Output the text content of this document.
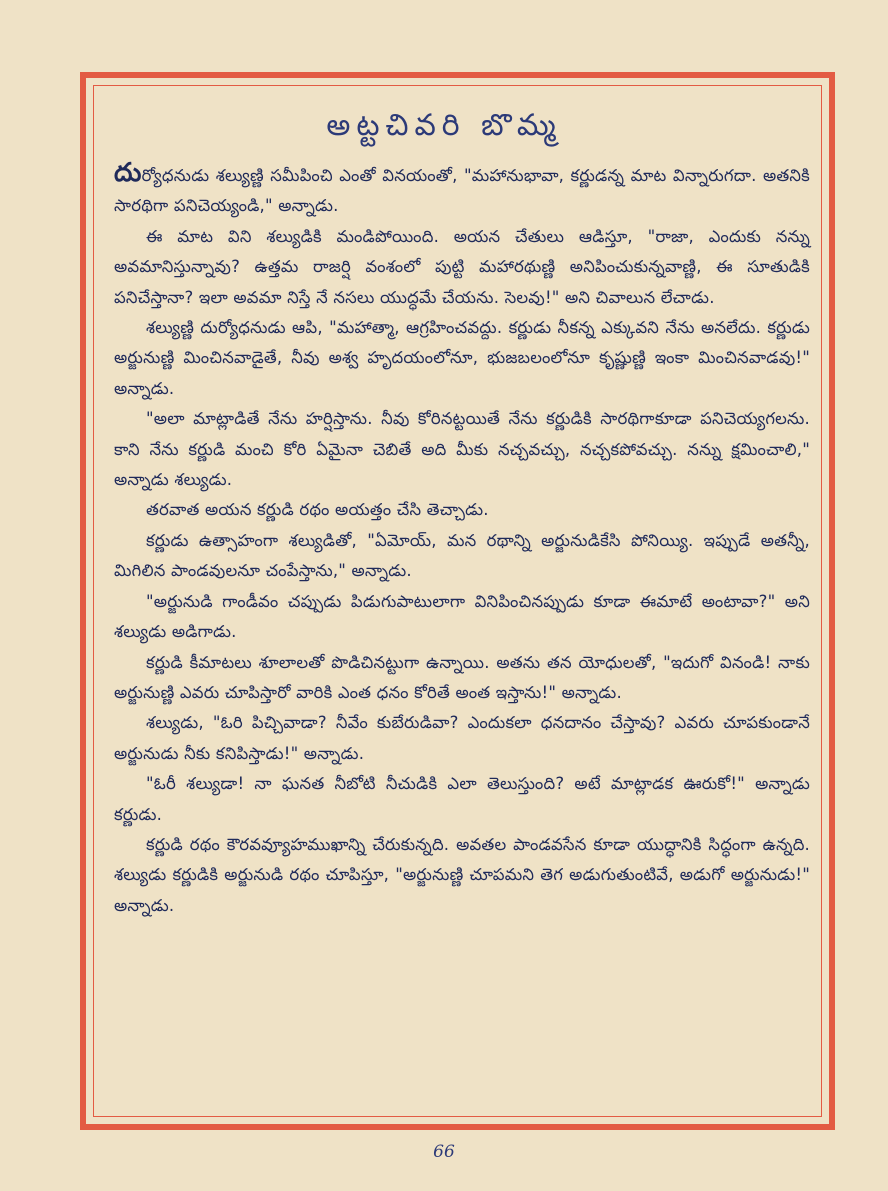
అట్టచివరి బొమ్మ

దుర్యోధనుడు శల్యుణ్ణి సమీపించి ఎంతో వినయంతో, "మహానుభావా, కర్ణుడన్న మాట విన్నారుగదా. అతనికి సారథిగా పనిచెయ్యండి," అన్నాడు.

ఈ మాట విని శల్యుడికి మండిపోయింది. అయన చేతులు ఆడిస్తూ, "రాజా, ఎందుకు నన్ను అవమానిస్తున్నావు? ఉత్తమ రాజర్షి వంశంలో పుట్టి మహారథుణ్ణి అనిపించుకున్నవాణ్ణి, ఈ సూతుడికి పనిచేస్తానా? ఇలా అవమా నిస్తే నే నసలు యుద్ధమే చేయను. సెలవు!" అని చివాలున లేచాడు.

శల్యుణ్ణి దుర్యోధనుడు ఆపి, "మహాత్మా, ఆగ్రహించవద్దు. కర్ణుడు నీకన్న ఎక్కువని నేను అనలేదు. కర్ణుడు అర్జునుణ్ణి మించినవాడైతే, నీవు అశ్వ హృదయంలోనూ, భుజబలంలోనూ కృష్ణుణ్ణి ఇంకా మించినవాడవు!" అన్నాడు.

"అలా మాట్లాడితే నేను హర్షిస్తాను. నీవు కోరినట్టయితే నేను కర్ణుడికి సారథిగాకూడా పనిచెయ్యగలను. కాని నేను కర్ణుడి మంచి కోరి ఏమైనా చెబితే అది మీకు నచ్చవచ్చు, నచ్చకపోవచ్చు. నన్ను క్షమించాలి," అన్నాడు శల్యుడు.

తరవాత అయన కర్ణుడి రథం అయత్తం చేసి తెచ్చాడు.

కర్ణుడు ఉత్సాహంగా శల్యుడితో, "ఏమోయ్, మన రథాన్ని అర్జునుడికేసి పోనియ్యి. ఇప్పుడే అతన్నీ, మిగిలిన పాండవులనూ చంపేస్తాను," అన్నాడు.

"అర్జునుడి గాండీవం చప్పుడు పిడుగుపాటులాగా వినిపించినప్పుడు కూడా ఈమాటే అంటావా?" అని శల్యుడు అడిగాడు.

కర్ణుడి కీమాటలు శూలాలతో పొడిచినట్టుగా ఉన్నాయి. అతను తన యోధులతో, "ఇదుగో వినండి! నాకు అర్జునుణ్ణి ఎవరు చూపిస్తారో వారికి ఎంత ధనం కోరితే అంత ఇస్తాను!" అన్నాడు.

శల్యుడు, "ఓరి పిచ్చివాడా? నీవేం కుబేరుడివా? ఎందుకలా ధనదానం చేస్తావు? ఎవరు చూపకుండానే అర్జునుడు నీకు కనిపిస్తాడు!" అన్నాడు.

"ఓరీ శల్యుడా! నా ఘనత నీబోటి నీచుడికి ఎలా తెలుస్తుంది? అటే మాట్లాడక ఊరుకో!" అన్నాడు కర్ణుడు.

కర్ణుడి రథం కౌరవవ్యూహముఖాన్ని చేరుకున్నది. అవతల పాండవసేన కూడా యుద్ధానికి సిద్ధంగా ఉన్నది. శల్యుడు కర్ణుడికి అర్జునుడి రథం చూపిస్తూ, "అర్జునుణ్ణి చూపమని తెగ అడుగుతుంటివే, అడుగో అర్జునుడు!" అన్నాడు.

66
